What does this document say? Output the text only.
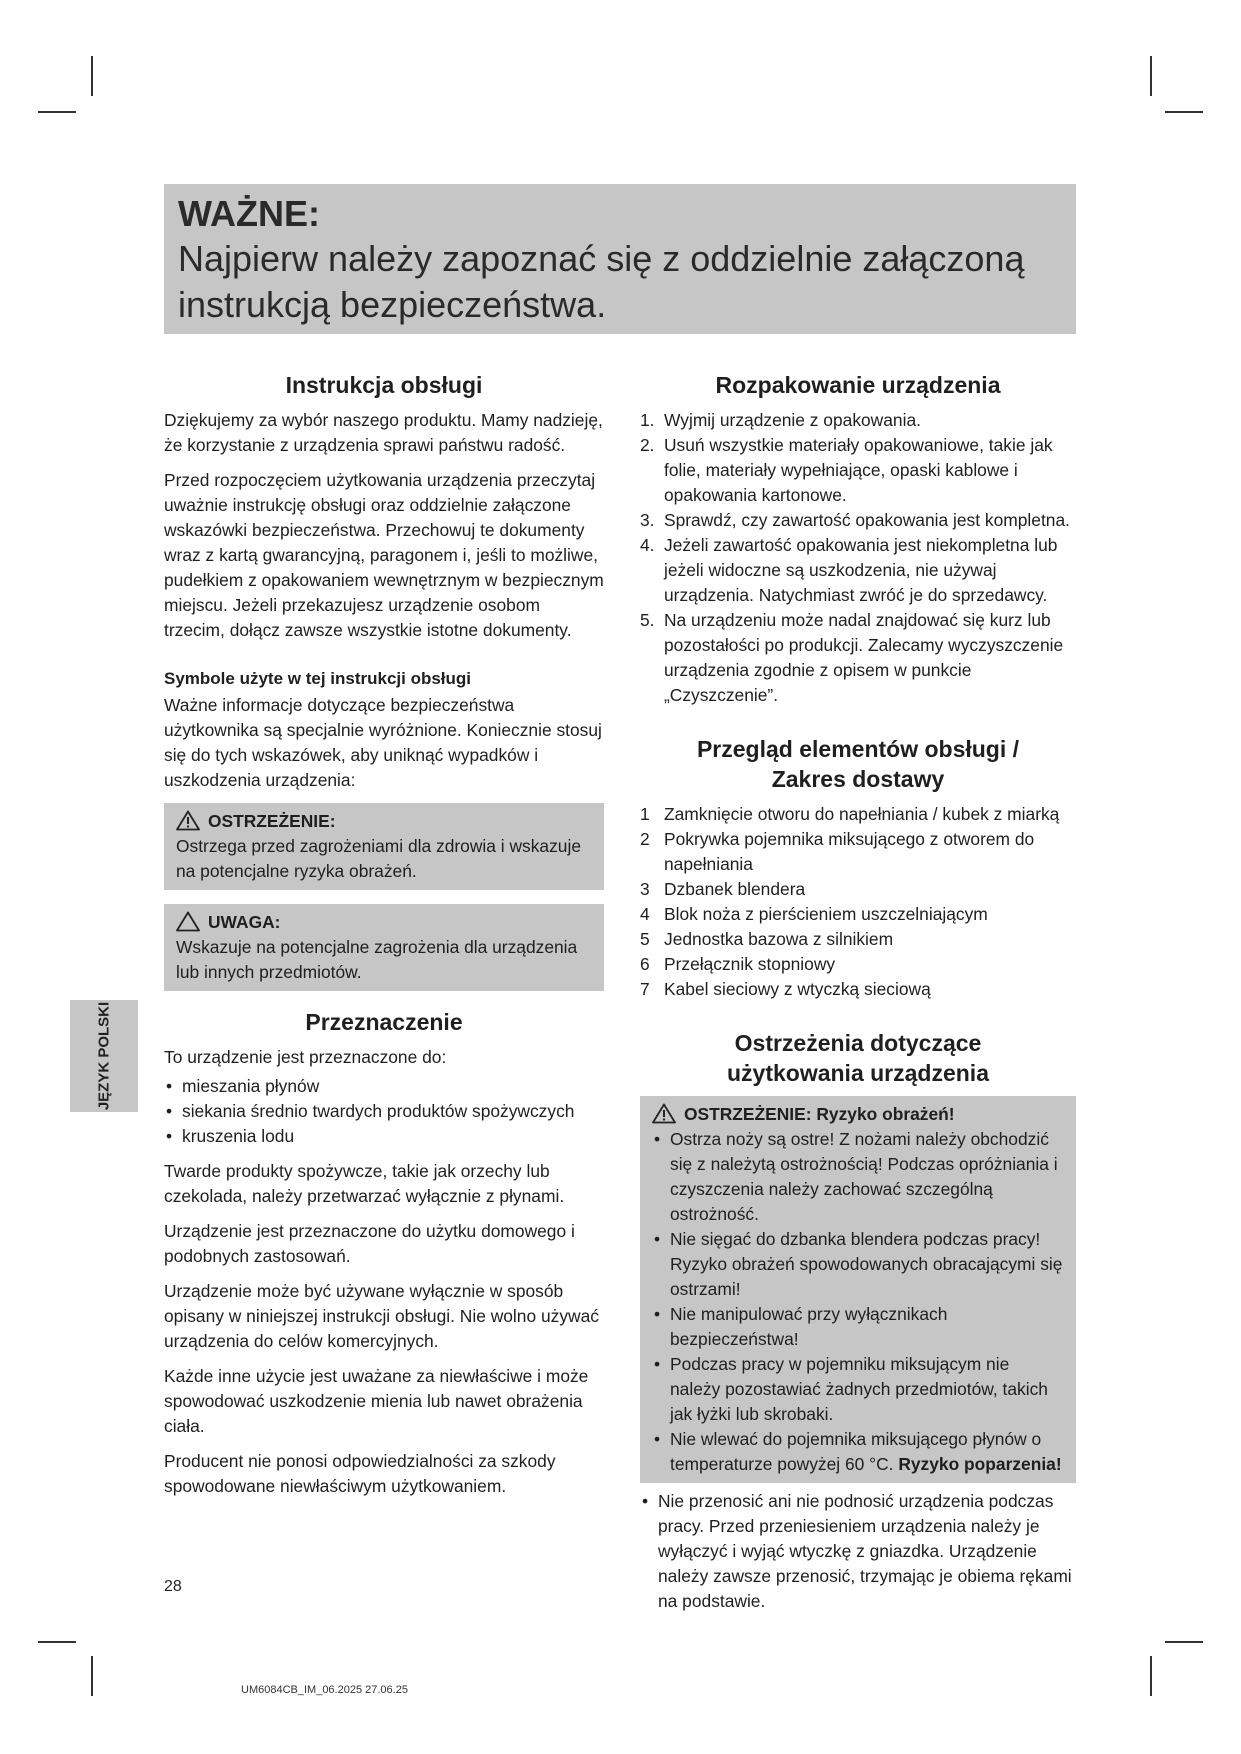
WAŻNE:
Najpierw należy zapoznać się z oddzielnie załączoną instrukcją bezpieczeństwa.
Instrukcja obsługi

Dziękujemy za wybór naszego produktu. Mamy nadzieję, że korzystanie z urządzenia sprawi państwu radość.

Przed rozpoczęciem użytkowania urządzenia przeczytaj uważnie instrukcję obsługi oraz oddzielnie załączone wskazówki bezpieczeństwa. Przechowuj te dokumenty wraz z kartą gwarancyjną, paragonem i, jeśli to możliwe, pudełkiem z opakowaniem wewnętrznym w bezpiecznym miejscu. Jeżeli przekazujesz urządzenie osobom trzecim, dołącz zawsze wszystkie istotne dokumenty.

Symbole użyte w tej instrukcji obsługi

Ważne informacje dotyczące bezpieczeństwa użytkownika są specjalnie wyróżnione. Koniecznie stosuj się do tych wskazówek, aby uniknąć wypadków i uszkodzenia urządzenia:

OSTRZEŻENIE:
Ostrzega przed zagrożeniami dla zdrowia i wskazuje na potencjalne ryzyka obrażeń.
UWAGA:
Wskazuje na potencjalne zagrożenia dla urządzenia lub innych przedmiotów.
JĘZYK POLSKI	Przeznaczenie

To urządzenie jest przeznaczone do:

• mieszania płynów
• siekania średnio twardych produktów spożywczych
• kruszenia lodu

Twarde produkty spożywcze, takie jak orzechy lub czekolada, należy przetwarzać wyłącznie z płynami.

Urządzenie jest przeznaczone do użytku domowego i podobnych zastosowań.

Urządzenie może być używane wyłącznie w sposób opisany w niniejszej instrukcji obsługi. Nie wolno używać urządzenia do celów komercyjnych.

Każde inne użycie jest uważane za niewłaściwe i może spowodować uszkodzenie mienia lub nawet obrażenia ciała.

Producent nie ponosi odpowiedzialności za szkody spowodowane niewłaściwym użytkowaniem.

Rozpakowanie urządzenia
1. Wyjmij urządzenie z opakowania.
2. Usuń wszystkie materiały opakowaniowe, takie jak folie, materiały wypełniające, opaski kablowe i opakowania kartonowe.
3. Sprawdź, czy zawartość opakowania jest kompletna.
4. Jeżeli zawartość opakowania jest niekompletna lub jeżeli widoczne są uszkodzenia, nie używaj urządzenia. Natychmiast zwróć je do sprzedawcy.
5. Na urządzeniu może nadal znajdować się kurz lub pozostałości po produkcji. Zalecamy wyczyszczenie urządzenia zgodnie z opisem w punkcie „Czyszczenie”.
Przegląd elementów obsługi /
Zakres dostawy
1 Zamknięcie otworu do napełniania / kubek z miarką
2 Pokrywka pojemnika miksującego z otworem do napełniania
3 Dzbanek blendera
4 Blok noża z pierścieniem uszczelniającym
5 Jednostka bazowa z silnikiem
6 Przełącznik stopniowy
7 Kabel sieciowy z wtyczką sieciową
Ostrzeżenia dotyczące
użytkowania urządzenia
OSTRZEŻENIE: Ryzyko obrażeń!
• Ostrza noży są ostre! Z nożami należy obchodzić się z należytą ostrożnością! Podczas opróżniania i czyszczenia należy zachować szczególną ostrożność.
• Nie sięgać do dzbanka blendera podczas pracy! Ryzyko obrażeń spowodowanych obracającymi się ostrzami!
• Nie manipulować przy wyłącznikach bezpieczeństwa!
• Podczas pracy w pojemniku miksującym nie należy pozostawiać żadnych przedmiotów, takich jak łyżki lub skrobaki.
• Nie wlewać do pojemnika miksującego płynów o temperaturze powyżej 60 °C. Ryzyko poparzenia!
• Nie przenosić ani nie podnosić urządzenia podczas pracy. Przed przeniesieniem urządzenia należy je wyłączyć i wyjąć wtyczkę z gniazdka. Urządzenie należy zawsze przenosić, trzymając je obiema rękami na podstawie.
28
UM6084CB_IM_06.2025 27.06.25
